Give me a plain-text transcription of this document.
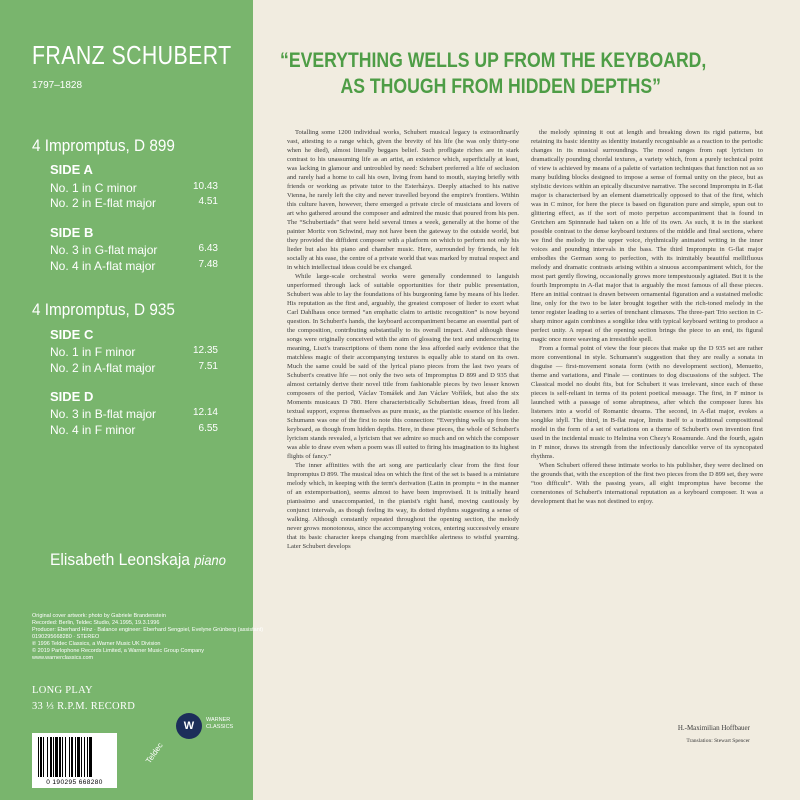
FRANZ SCHUBERT
1797–1828
4 Impromptus, D 899
SIDE A
No. 1 in C minor	10.43
No. 2 in E-flat major	4.51
SIDE B
No. 3 in G-flat major	6.43
No. 4 in A-flat major	7.48
4 Impromptus, D 935
SIDE C
No. 1 in F minor	12.35
No. 2 in A-flat major	7.51
SIDE D
No. 3 in B-flat major	12.14
No. 4 in F minor	6.55
Elisabeth Leonskaja piano
Original cover artwork: photo by Gabriele Brandenstein
Recorded: Berlin, Teldec Studio, 24.1995, 19.3.1996
Producer: Eberhard Hinz · Balance engineer: Eberhard Sengpiel, Evelyne Grünberg (assistant)
0190295668280 · STEREO
℗ 1996 Teldec Classics, a Warner Music UK Division
© 2019 Parlophone Records Limited, a Warner Music Group Company
www.warnerclassics.com
LONG PLAY
33 ⅓ R.P.M. RECORD
Teldec
W	WARNER
CLASSICS
0 190295 668280
“EVERYTHING WELLS UP FROM THE KEYBOARD,
AS THOUGH FROM HIDDEN DEPTHS”

Totalling some 1200 individual works, Schubert musical legacy is extraordinarily vast, attesting to a range which, given the brevity of his life (he was only thirty-one when he died), almost literally beggars belief. Such profligate riches are in stark contrast to his unassuming life as an artist, an existence which, superficially at least, was lacking in glamour and untroubled by need: Schubert preferred a life of seclusion and rarely had a home to call his own, living from hand to mouth, staying briefly with friends or working as private tutor to the Esterházys. Deeply attached to his native Vienna, he rarely left the city and never travelled beyond the empire's frontiers. Within this culture haven, however, there emerged a private circle of musicians and lovers of art who gathered around the composer and admired the music that poured from his pen. The “Schubertiads” that were held several times a week, generally at the home of the painter Moritz von Schwind, may not have been the gateway to the outside world, but they provided the diffident composer with a platform on which to perform not only his lieder but also his piano and chamber music. Here, surrounded by friends, he felt socially at his ease, the centre of a private world that was marked by mutual respect and in which intellectual ideas could be ex changed.

While large-scale orchestral works were generally condemned to languish unperformed through lack of suitable opportunities for their public presentation, Schubert was able to lay the foundations of his burgeoning fame by means of his lieder. His reputation as the first and, arguably, the greatest composer of lieder to exert what Carl Dahlhaus once termed “an emphatic claim to artistic recognition” is now beyond question. In Schubert's hands, the keyboard accompaniment became an essential part of the composition, contributing substantially to its overall impact. And although these songs were originally conceived with the aim of glossing the text and underscoring its meaning, Liszt's transcriptions of them none the less afforded early evidence that the matchless magic of their accompanying textures is equally able to stand on its own. Much the same could be said of the lyrical piano pieces from the last two years of Schubert's creative life — not only the two sets of Impromptus D 899 and D 935 that almost certainly derive their novel title from fashionable pieces by two lesser known composers of the period, Václav Tomášek and Jan Václav Voříšek, but also the six Moments musicaux D 780. Here characteristically Schubertian ideas, freed from all textual support, express themselves as pure music, as the pianistic essence of his lieder. Schumann was one of the first to note this connection: “Everything wells up from the keyboard, as though from hidden depths. Here, in these pieces, the whole of Schubert's lyricism stands revealed, a lyricism that we admire so much and on which the composer was able to draw even when a poem was ill suited to firing his imagination to its highest flights of fancy.”

The inner affinities with the art song are particularly clear from the first four Impromptus D 899. The musical idea on which the first of the set is based is a miniature melody which, in keeping with the term's derivation (Latin in promptu = in the manner of an extemporisation), seems almost to have been improvised. It is initially heard pianissimo and unaccompanied, in the pianist's right hand, moving cautiously by conjunct intervals, as though feeling its way, its dotted rhythms suggesting a sense of walking. Although constantly repeated throughout the opening section, the melody never grows monotonous, since the accompanying voices, entering successively ensure that its basic character keeps changing from marchlike alertness to wistful yearning. Later Schubert develops

the melody spinning it out at length and breaking down its rigid patterns, but retaining its basic identity as identity instantly recognisable as a reaction to the periodic changes in its musical surroundings. The mood ranges from rapt lyricism to dramatically pounding chordal textures, a variety which, from a purely technical point of view is achieved by means of a palette of variation techniques that function not as so many building blocks designed to impose a sense of formal unity on the piece, but as stylistic devices within an epically discursive narrative. The second Impromptu in E-flat major is characterised by an element diametrically opposed to that of the first, which was in C minor, for here the piece is based on figuration pure and simple, spun out to glittering effect, as if the sort of moto perpetuo accompaniment that is found in Gretchen am Spinnrade had taken on a life of its own. As such, it is in the starkest possible contrast to the dense keyboard textures of the middle and final sections, where we find the melody in the upper voice, rhythmically animated writing in the inner voices and pounding intervals in the bass. The third Impromptu in G-flat major embodies the German song to perfection, with its inimitably beautiful mellifluous melody and dramatic contrasts arising within a sinuous accompaniment which, for the most part gently flowing, occasionally grows more tempestuously agitated. But it is the fourth Impromptu in A-flat major that is arguably the most famous of all these pieces. Here an initial contrast is drawn between ornamental figuration and a sustained melodic line, only for the two to be later brought together with the rich-toned melody in the tenor register leading to a series of trenchant climaxes. The three-part Trio section in C-sharp minor again combines a songlike idea with typical keyboard writing to produce a perfect unity. A repeat of the opening section brings the piece to an end, its figural magic once more weaving an irresistible spell.

From a formal point of view the four pieces that make up the D 935 set are rather more conventional in style. Schumann's suggestion that they are really a sonata in disguise — first-movement sonata form (with no development section), Menuetto, theme and variations, and Finale — continues to dog discussions of the subject. The Classical model no doubt fits, but for Schubert it was irrelevant, since each of these pieces is self-reliant in terms of its potent poetical message. The first, in F minor is launched with a passage of some abruptness, after which the composer lures his listeners into a world of Romantic dreams. The second, in A-flat major, evokes a songlike idyll. The third, in B-flat major, limits itself to a traditional compositional model in the form of a set of variations on a theme of Schubert's own invention first used in the incidental music to Helmina von Chezy's Rosamunde. And the fourth, again in F minor, draws its strength from the infectiously dancelike verve of its syncopated rhythms.

When Schubert offered these intimate works to his publisher, they were declined on the grounds that, with the exception of the first two pieces from the D 899 set, they were “too difficult”. With the passing years, all eight impromptus have become the cornerstones of Schubert's international reputation as a keyboard composer. It was a development that he was not destined to enjoy.

H.-Maximilian Hoffbauer
Translation: Stewart Spencer
